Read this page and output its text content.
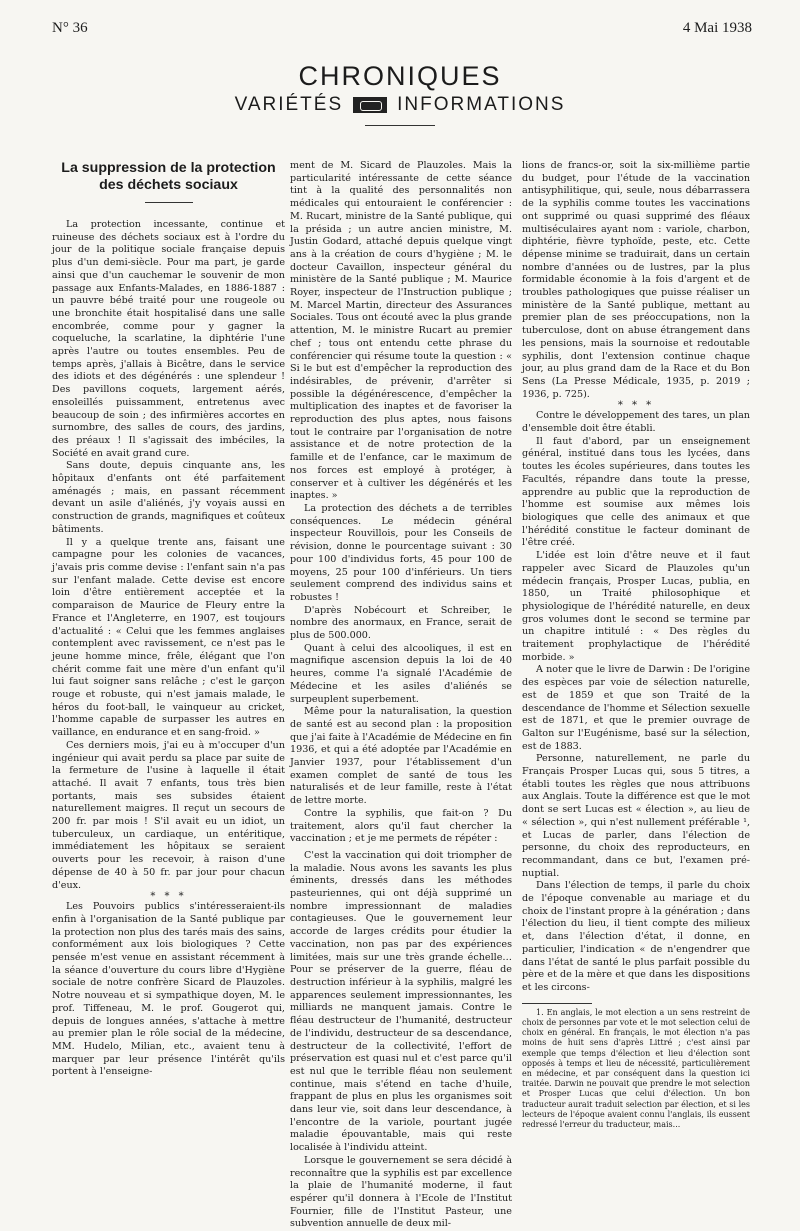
N° 36	4 Mai 1938
CHRONIQUES
VARIÉTÉS	INFORMATIONS

La suppression de la protection des déchets sociaux

La protection incessante, continue et ruineuse des déchets sociaux est à l'ordre du jour de la politique sociale française depuis plus d'un demi-siècle. Pour ma part, je garde ainsi que d'un cauchemar le souvenir de mon passage aux Enfants-Malades, en 1886-1887 : un pauvre bébé traité pour une rougeole ou une bronchite était hospitalisé dans une salle encombrée, comme pour y gagner la coqueluche, la scarlatine, la diphtérie l'une après l'autre ou toutes ensembles. Peu de temps après, j'allais à Bicêtre, dans le service des idiots et des dégénérés : une splendeur ! Des pavillons coquets, largement aérés, ensoleillés puissamment, entretenus avec beaucoup de soin ; des infirmières accortes en surnombre, des salles de cours, des jardins, des préaux ! Il s'agissait des imbéciles, la Société en avait grand cure.

Sans doute, depuis cinquante ans, les hôpitaux d'enfants ont été parfaitement aménagés ; mais, en passant récemment devant un asile d'aliénés, j'y voyais aussi en construction de grands, magnifiques et coûteux bâtiments.

Il y a quelque trente ans, faisant une campagne pour les colonies de vacances, j'avais pris comme devise : l'enfant sain n'a pas sur l'enfant malade. Cette devise est encore loin d'être entièrement acceptée et la comparaison de Maurice de Fleury entre la France et l'Angleterre, en 1907, est toujours d'actualité : « Celui que les femmes anglaises contemplent avec ravissement, ce n'est pas le jeune homme mince, frêle, élégant que l'on chérit comme fait une mère d'un enfant qu'il lui faut soigner sans relâche ; c'est le garçon rouge et robuste, qui n'est jamais malade, le héros du foot-ball, le vainqueur au cricket, l'homme capable de surpasser les autres en vaillance, en endurance et en sang-froid. »

Ces derniers mois, j'ai eu à m'occuper d'un ingénieur qui avait perdu sa place par suite de la fermeture de l'usine à laquelle il était attaché. Il avait 7 enfants, tous très bien portants, mais ses subsides étaient naturellement maigres. Il reçut un secours de 200 fr. par mois ! S'il avait eu un idiot, un tuberculeux, un cardiaque, un entéritique, immédiatement les hôpitaux se seraient ouverts pour les recevoir, à raison d'une dépense de 40 à 50 fr. par jour pour chacun d'eux.

* * *

Les Pouvoirs publics s'intéresseraient-ils enfin à l'organisation de la Santé publique par la protection non plus des tarés mais des sains, conformément aux lois biologiques ? Cette pensée m'est venue en assistant récemment à la séance d'ouverture du cours libre d'Hygiène sociale de notre confrère Sicard de Plauzoles. Notre nouveau et si sympathique doyen, M. le prof. Tiffeneau, M. le prof. Gougerot qui, depuis de longues années, s'attache à mettre au premier plan le rôle social de la médecine, MM. Hudelo, Milian, etc., avaient tenu à marquer par leur présence l'intérêt qu'ils portent à l'enseigne-

ment de M. Sicard de Plauzoles. Mais la particularité intéressante de cette séance tint à la qualité des personnalités non médicales qui entouraient le conférencier : M. Rucart, ministre de la Santé publique, qui la présida ; un autre ancien ministre, M. Justin Godard, attaché depuis quelque vingt ans à la création de cours d'hygiène ; M. le docteur Cavaillon, inspecteur général du ministère de la Santé publique ; M. Maurice Royer, inspecteur de l'Instruction publique ; M. Marcel Martin, directeur des Assurances Sociales. Tous ont écouté avec la plus grande attention, M. le ministre Rucart au premier chef ; tous ont entendu cette phrase du conférencier qui résume toute la question : « Si le but est d'empêcher la reproduction des indésirables, de prévenir, d'arrêter si possible la dégénérescence, d'empêcher la multiplication des inaptes et de favoriser la reproduction des plus aptes, nous faisons tout le contraire par l'organisation de notre assistance et de notre protection de la famille et de l'enfance, car le maximum de nos forces est employé à protéger, à conserver et à cultiver les dégénérés et les inaptes. »

La protection des déchets a de terribles conséquences. Le médecin général inspecteur Rouvillois, pour les Conseils de révision, donne le pourcentage suivant : 30 pour 100 d'individus forts, 45 pour 100 de moyens, 25 pour 100 d'inférieurs. Un tiers seulement comprend des individus sains et robustes !

D'après Nobécourt et Schreiber, le nombre des anormaux, en France, serait de plus de 500.000.

Quant à celui des alcooliques, il est en magnifique ascension depuis la loi de 40 heures, comme l'a signalé l'Académie de Médecine et les asiles d'aliénés se surpeuplent superbement.

Même pour la naturalisation, la question de santé est au second plan : la proposition que j'ai faite à l'Académie de Médecine en fin 1936, et qui a été adoptée par l'Académie en Janvier 1937, pour l'établissement d'un examen complet de santé de tous les naturalisés et de leur famille, reste à l'état de lettre morte.

Contre la syphilis, que fait-on ? Du traitement, alors qu'il faut chercher la vaccination ; et je me permets de répéter :

C'est la vaccination qui doit triompher de la maladie. Nous avons les savants les plus éminents, dressés dans les méthodes pasteuriennes, qui ont déjà supprimé un nombre impressionnant de maladies contagieuses. Que le gouvernement leur accorde de larges crédits pour étudier la vaccination, non pas par des expériences limitées, mais sur une très grande échelle… Pour se préserver de la guerre, fléau de destruction inférieur à la syphilis, malgré les apparences seulement impressionnantes, les milliards ne manquent jamais. Contre le fléau destructeur de l'humanité, destructeur de l'individu, destructeur de sa descendance, destructeur de la collectivité, l'effort de préservation est quasi nul et c'est parce qu'il est nul que le terrible fléau non seulement continue, mais s'étend en tache d'huile, frappant de plus en plus les organismes soit dans leur vie, soit dans leur descendance, à l'encontre de la variole, pourtant jugée maladie épouvantable, mais qui reste localisée à l'individu atteint.

Lorsque le gouvernement se sera décidé à reconnaître que la syphilis est par excellence la plaie de l'humanité moderne, il faut espérer qu'il donnera à l'Ecole de l'Institut Fournier, fille de l'Institut Pasteur, une subvention annuelle de deux mil-

lions de francs-or, soit la six-millième partie du budget, pour l'étude de la vaccination antisyphilitique, qui, seule, nous débarrassera de la syphilis comme toutes les vaccinations ont supprimé ou quasi supprimé des fléaux multiséculaires ayant nom : variole, charbon, diphtérie, fièvre typhoïde, peste, etc. Cette dépense minime se traduirait, dans un certain nombre d'années ou de lustres, par la plus formidable économie à la fois d'argent et de troubles pathologiques que puisse réaliser un ministère de la Santé publique, mettant au premier plan de ses préoccupations, non la tuberculose, dont on abuse étrangement dans les pensions, mais la sournoise et redoutable syphilis, dont l'extension continue chaque jour, au plus grand dam de la Race et du Bon Sens (La Presse Médicale, 1935, p. 2019 ; 1936, p. 725).

* * *

Contre le développement des tares, un plan d'ensemble doit être établi.

Il faut d'abord, par un enseignement général, institué dans tous les lycées, dans toutes les écoles supérieures, dans toutes les Facultés, répandre dans toute la presse, apprendre au public que la reproduction de l'homme est soumise aux mêmes lois biologiques que celle des animaux et que l'hérédité constitue le facteur dominant de l'être créé.

L'idée est loin d'être neuve et il faut rappeler avec Sicard de Plauzoles qu'un médecin français, Prosper Lucas, publia, en 1850, un Traité philosophique et physiologique de l'hérédité naturelle, en deux gros volumes dont le second se termine par un chapitre intitulé : « Des règles du traitement prophylactique de l'hérédité morbide. »

A noter que le livre de Darwin : De l'origine des espèces par voie de sélection naturelle, est de 1859 et que son Traité de la descendance de l'homme et Sélection sexuelle est de 1871, et que le premier ouvrage de Galton sur l'Eugénisme, basé sur la sélection, est de 1883.

Personne, naturellement, ne parle du Français Prosper Lucas qui, sous 5 titres, a établi toutes les règles que nous attribuons aux Anglais. Toute la différence est que le mot dont se sert Lucas est « élection », au lieu de « sélection », qui n'est nullement préférable ¹, et Lucas de parler, dans l'élection de personne, du choix des reproducteurs, en recommandant, dans ce but, l'examen pré-nuptial.

Dans l'élection de temps, il parle du choix de l'époque convenable au mariage et du choix de l'instant propre à la génération ; dans l'élection du lieu, il tient compte des milieux et, dans l'élection d'état, il donne, en particulier, l'indication « de n'engendrer que dans l'état de santé le plus parfait possible du père et de la mère et que dans les dispositions et les circons-

1. En anglais, le mot election a un sens restreint de choix de personnes par vote et le mot selection celui de choix en général. En français, le mot élection n'a pas moins de huit sens d'après Littré ; c'est ainsi par exemple que temps d'élection et lieu d'élection sont opposés à temps et lieu de nécessité, particulièrement en médecine, et par conséquent dans la question ici traitée. Darwin ne pouvait que prendre le mot selection et Prosper Lucas que celui d'élection. Un bon traducteur aurait traduit selection par élection, et si les lecteurs de l'époque avaient connu l'anglais, ils eussent redressé l'erreur du traducteur, mais...
